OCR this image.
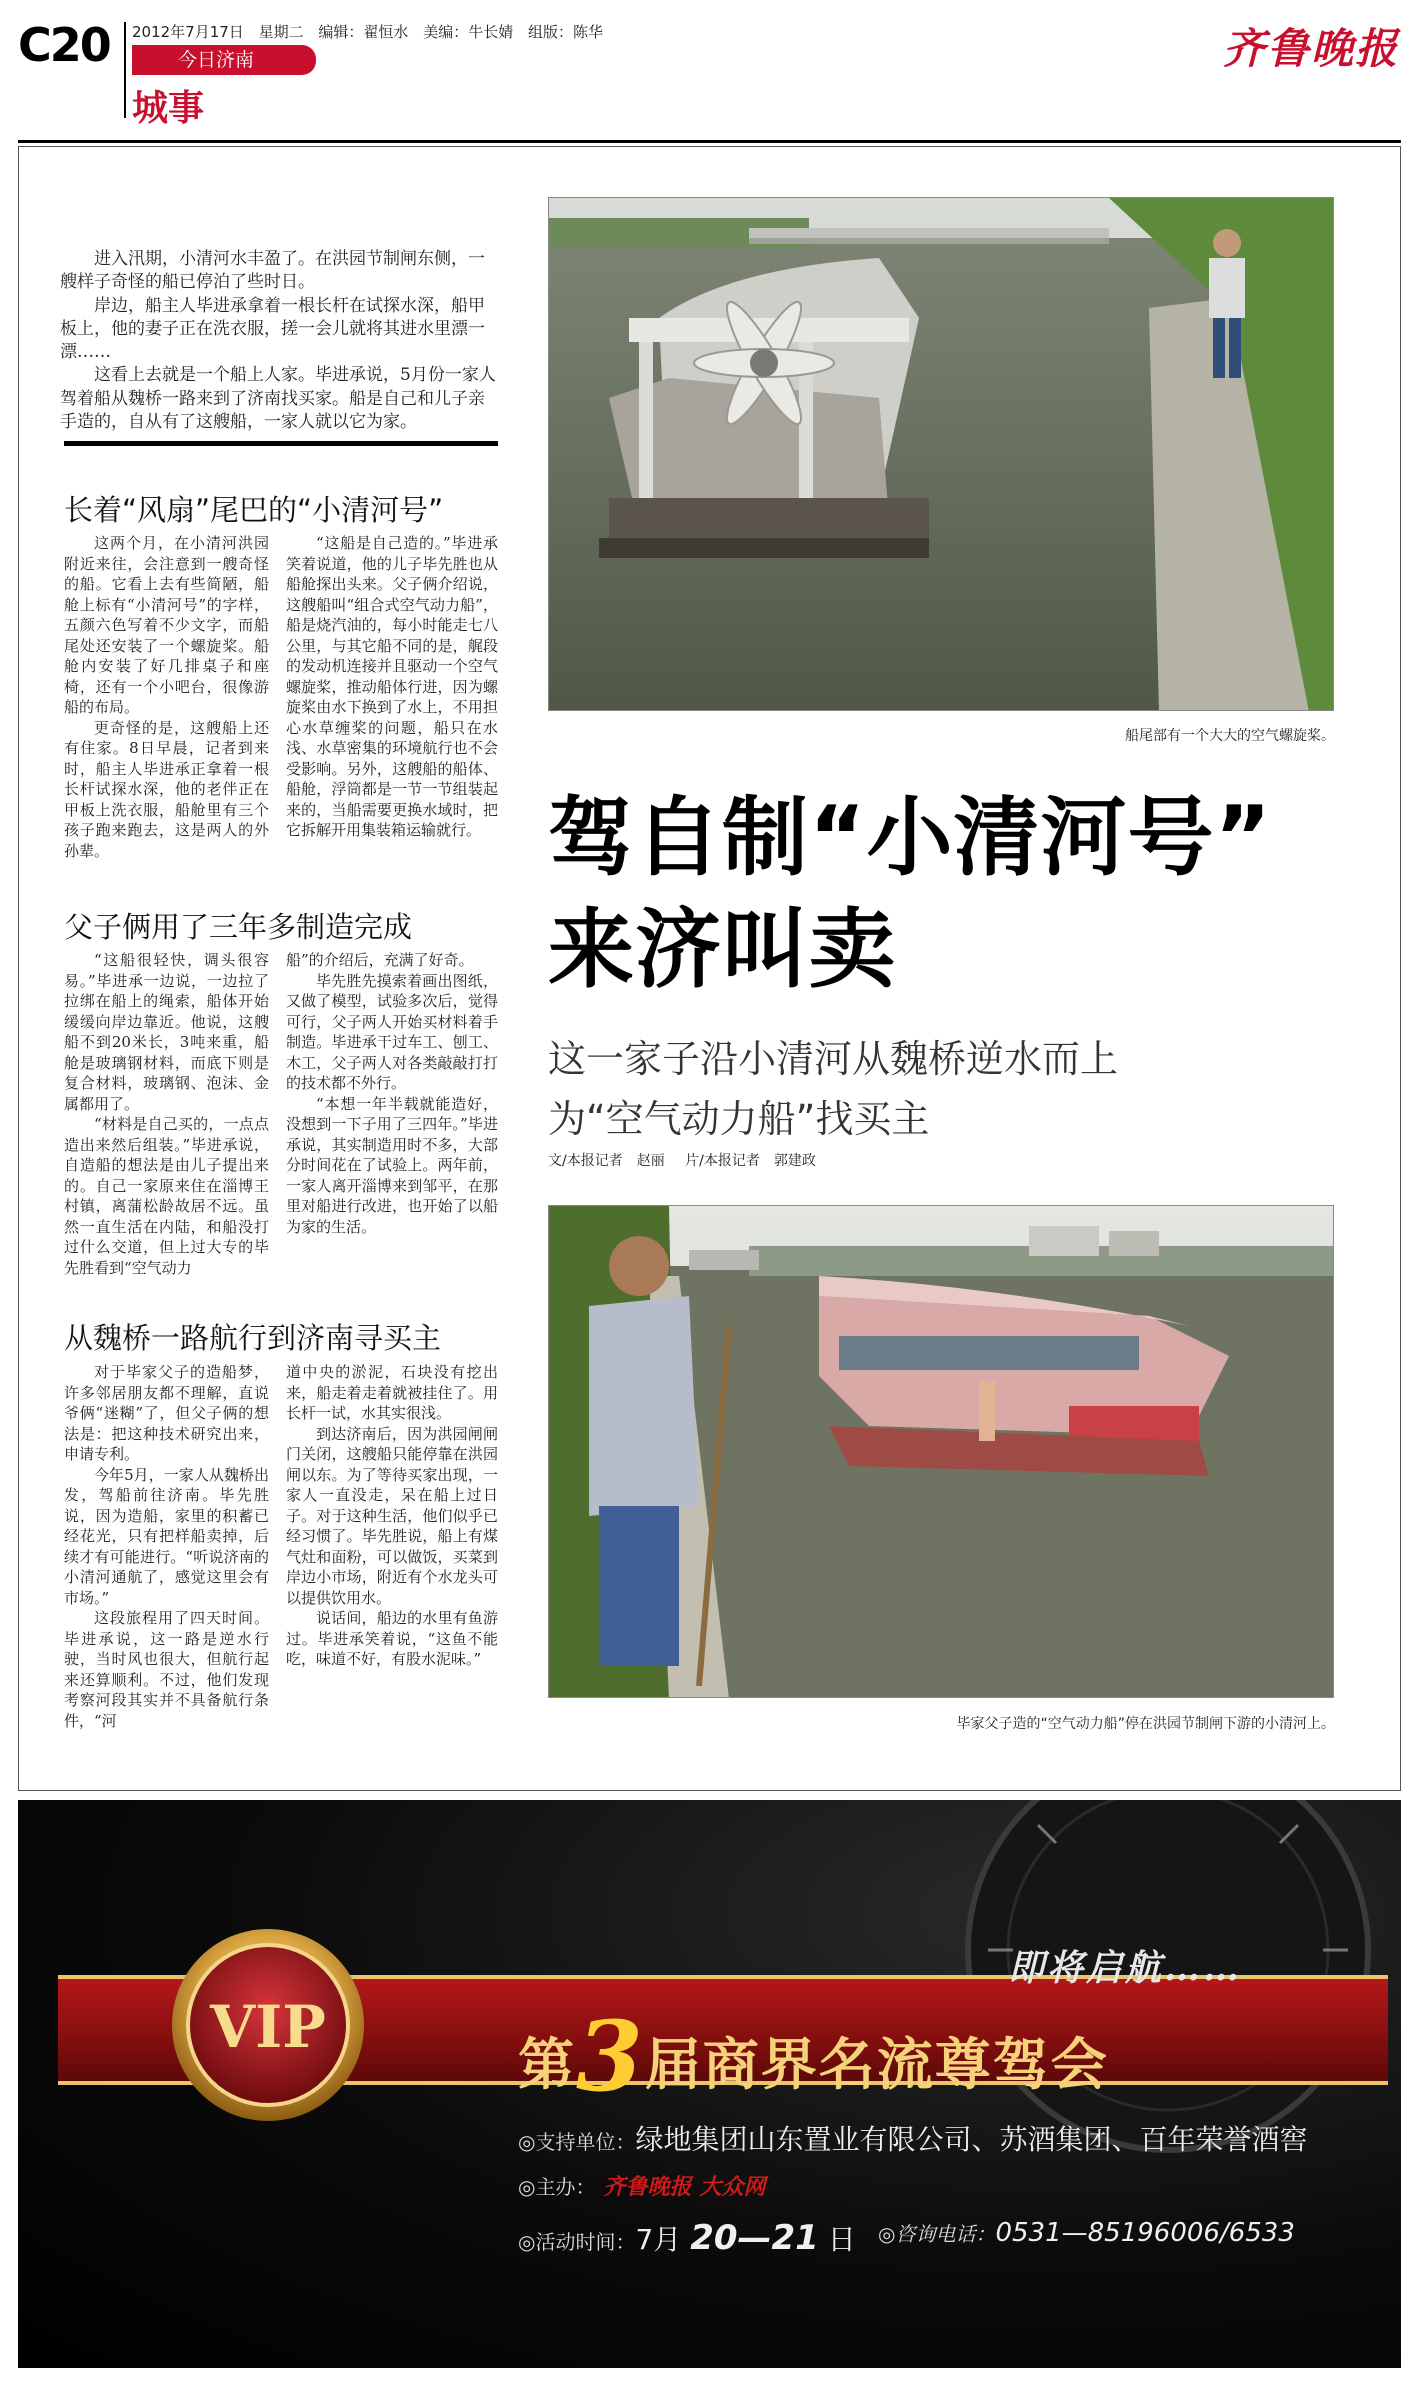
C20 2012年7月17日 星期二 编辑：翟恒水 美编：牛长婧 组版：陈华
今日济南
城事
齐鲁晚报

进入汛期，小清河水丰盈了。在洪园节制闸东侧，一艘样子奇怪的船已停泊了些时日。

岸边，船主人毕进承拿着一根长杆在试探水深，船甲板上，他的妻子正在洗衣服，搓一会儿就将其进水里漂一漂……

这看上去就是一个船上人家。毕进承说，5月份一家人驾着船从魏桥一路来到了济南找买家。船是自己和儿子亲手造的，自从有了这艘船，一家人就以它为家。

长着“风扇”尾巴的“小清河号”

这两个月，在小清河洪园附近来往，会注意到一艘奇怪的船。它看上去有些简陋，船舱上标有“小清河号”的字样，五颜六色写着不少文字，而船尾处还安装了一个螺旋桨。船舱内安装了好几排桌子和座椅，还有一个小吧台，很像游船的布局。

更奇怪的是，这艘船上还有住家。8日早晨，记者到来时，船主人毕进承正拿着一根长杆试探水深，他的老伴正在甲板上洗衣服，船舱里有三个孩子跑来跑去，这是两人的外孙辈。

“这船是自己造的。”毕进承笑着说道，他的儿子毕先胜也从船舱探出头来。父子俩介绍说，这艘船叫“组合式空气动力船”，船是烧汽油的，每小时能走七八公里，与其它船不同的是，艉段的发动机连接并且驱动一个空气螺旋桨，推动船体行进，因为螺旋桨由水下换到了水上，不用担心水草缠桨的问题，船只在水浅、水草密集的环境航行也不会受影响。另外，这艘船的船体、船舱，浮筒都是一节一节组装起来的，当船需要更换水域时，把它拆解开用集装箱运输就行。

父子俩用了三年多制造完成

“这船很轻快，调头很容易。”毕进承一边说，一边拉了拉绑在船上的绳索，船体开始缓缓向岸边靠近。他说，这艘船不到20米长，3吨来重，船舱是玻璃钢材料，而底下则是复合材料，玻璃钢、泡沫、金属都用了。

“材料是自己买的，一点点造出来然后组装。”毕进承说，自造船的想法是由儿子提出来的。自己一家原来住在淄博王村镇，离蒲松龄故居不远。虽然一直生活在内陆，和船没打过什么交道，但上过大专的毕先胜看到“空气动力

船”的介绍后，充满了好奇。

毕先胜先摸索着画出图纸，又做了模型，试验多次后，觉得可行，父子两人开始买材料着手制造。毕进承干过车工、刨工、木工，父子两人对各类敲敲打打的技术都不外行。

“本想一年半载就能造好，没想到一下子用了三四年。”毕进承说，其实制造用时不多，大部分时间花在了试验上。两年前，一家人离开淄博来到邹平，在那里对船进行改进，也开始了以船为家的生活。

从魏桥一路航行到济南寻买主

对于毕家父子的造船梦，许多邻居朋友都不理解，直说爷俩“迷糊”了，但父子俩的想法是：把这种技术研究出来，申请专利。

今年5月，一家人从魏桥出发，驾船前往济南。毕先胜说，因为造船，家里的积蓄已经花光，只有把样船卖掉，后续才有可能进行。“听说济南的小清河通航了，感觉这里会有市场。”

这段旅程用了四天时间。毕进承说，这一路是逆水行驶，当时风也很大，但航行起来还算顺利。不过，他们发现考察河段其实并不具备航行条件，“河

道中央的淤泥，石块没有挖出来，船走着走着就被挂住了。用长杆一试，水其实很浅。

到达济南后，因为洪园闸闸门关闭，这艘船只能停靠在洪园闸以东。为了等待买家出现，一家人一直没走，呆在船上过日子。对于这种生活，他们似乎已经习惯了。毕先胜说，船上有煤气灶和面粉，可以做饭，买菜到岸边小市场，附近有个水龙头可以提供饮用水。

说话间，船边的水里有鱼游过。毕进承笑着说，“这鱼不能吃，味道不好，有股水泥味。”

船尾部有一个大大的空气螺旋桨。
驾自制“小清河号”
来济叫卖
这一家子沿小清河从魏桥逆水而上
为“空气动力船”找买主
文/本报记者　赵丽 片/本报记者　郭建政
毕家父子造的“空气动力船”停在洪园节制闸下游的小清河上。
VIP
即将启航……
第3届商界名流尊驾会
◎支持单位：绿地集团山东置业有限公司、苏酒集团、百年荣誉酒窖
◎主办： 齐鲁晚报 大众网
◎活动时间：7月 20—21 日 ◎咨询电话：0531—85196006/6533
